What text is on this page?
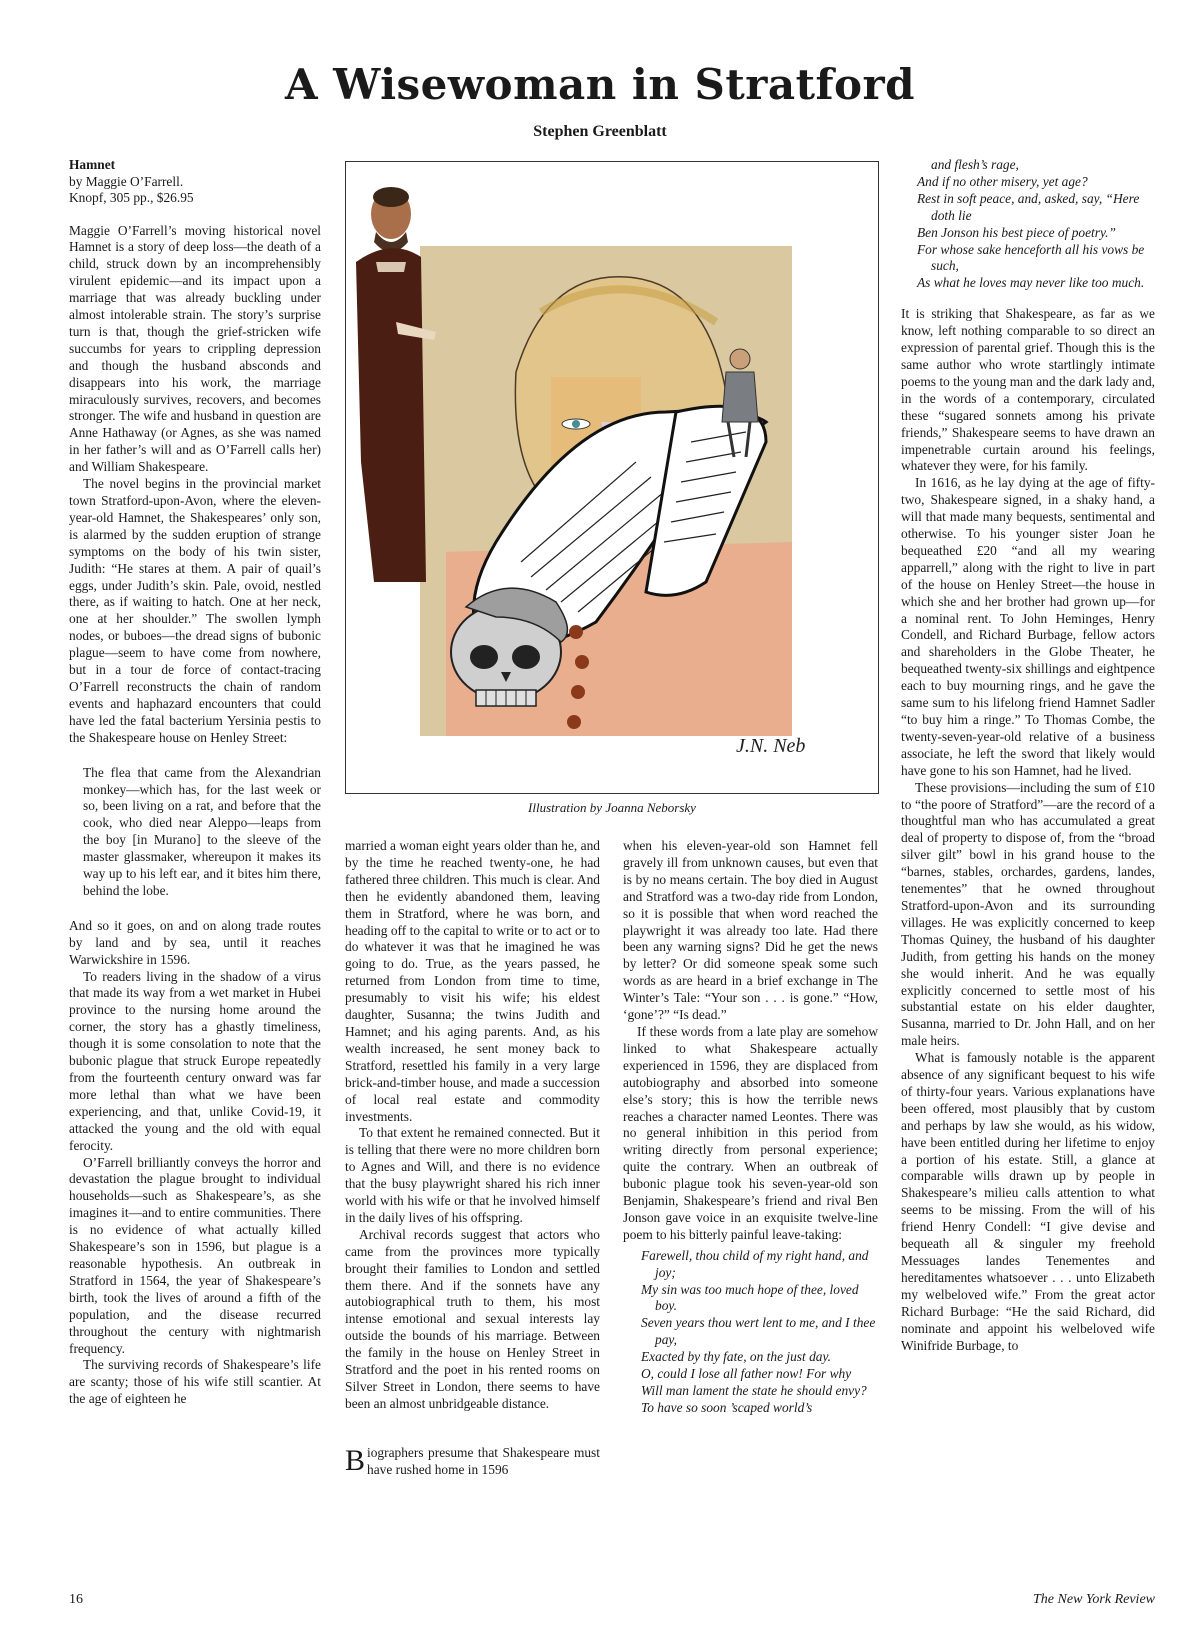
A Wisewoman in Stratford
Stephen Greenblatt
Hamnet
by Maggie O’Farrell.
Knopf, 305 pp., $26.95

Maggie O’Farrell’s moving historical novel Hamnet is a story of deep loss—the death of a child, struck down by an incomprehensibly virulent epidemic—and its impact upon a marriage that was already buckling under almost intolerable strain. The story’s surprise turn is that, though the grief-stricken wife succumbs for years to crippling depression and though the husband absconds and disappears into his work, the marriage miraculously survives, recovers, and becomes stronger. The wife and husband in question are Anne Hathaway (or Agnes, as she was named in her father’s will and as O’Farrell calls her) and William Shakespeare.

The novel begins in the provincial market town Stratford-upon-Avon, where the eleven-year-old Hamnet, the Shakespeares’ only son, is alarmed by the sudden eruption of strange symptoms on the body of his twin sister, Judith: “He stares at them. A pair of quail’s eggs, under Judith’s skin. Pale, ovoid, nestled there, as if waiting to hatch. One at her neck, one at her shoulder.” The swollen lymph nodes, or buboes—the dread signs of bubonic plague—seem to have come from nowhere, but in a tour de force of contact-tracing O’Farrell reconstructs the chain of random events and haphazard encounters that could have led the fatal bacterium Yersinia pestis to the Shakespeare house on Henley Street:

The flea that came from the Alexandrian monkey—which has, for the last week or so, been living on a rat, and before that the cook, who died near Aleppo—leaps from the boy [in Murano] to the sleeve of the master glassmaker, whereupon it makes its way up to his left ear, and it bites him there, behind the lobe.

And so it goes, on and on along trade routes by land and by sea, until it reaches Warwickshire in 1596.

To readers living in the shadow of a virus that made its way from a wet market in Hubei province to the nursing home around the corner, the story has a ghastly timeliness, though it is some consolation to note that the bubonic plague that struck Europe repeatedly from the fourteenth century onward was far more lethal than what we have been experiencing, and that, unlike Covid-19, it attacked the young and the old with equal ferocity.

O’Farrell brilliantly conveys the horror and devastation the plague brought to individual households—such as Shakespeare’s, as she imagines it—and to entire communities. There is no evidence of what actually killed Shakespeare’s son in 1596, but plague is a reasonable hypothesis. An outbreak in Stratford in 1564, the year of Shakespeare’s birth, took the lives of around a fifth of the population, and the disease recurred throughout the century with nightmarish frequency.

The surviving records of Shakespeare’s life are scanty; those of his wife still scantier. At the age of eighteen he

J.N. Neb
Illustration by Joanna Neborsky

married a woman eight years older than he, and by the time he reached twenty-one, he had fathered three children. This much is clear. And then he evidently abandoned them, leaving them in Stratford, where he was born, and heading off to the capital to write or to act or to do whatever it was that he imagined he was going to do. True, as the years passed, he returned from London from time to time, presumably to visit his wife; his eldest daughter, Susanna; the twins Judith and Hamnet; and his aging parents. And, as his wealth increased, he sent money back to Stratford, resettled his family in a very large brick-and-timber house, and made a succession of local real estate and commodity investments.

To that extent he remained connected. But it is telling that there were no more children born to Agnes and Will, and there is no evidence that the busy playwright shared his rich inner world with his wife or that he involved himself in the daily lives of his offspring.

Archival records suggest that actors who came from the provinces more typically brought their families to London and settled them there. And if the sonnets have any autobiographical truth to them, his most intense emotional and sexual interests lay outside the bounds of his marriage. Between the family in the house on Henley Street in Stratford and the poet in his rented rooms on Silver Street in London, there seems to have been an almost unbridgeable distance.

Biographers presume that Shakespeare must have rushed home in 1596

when his eleven-year-old son Hamnet fell gravely ill from unknown causes, but even that is by no means certain. The boy died in August and Stratford was a two-day ride from London, so it is possible that when word reached the playwright it was already too late. Had there been any warning signs? Did he get the news by letter? Or did someone speak some such words as are heard in a brief exchange in The Winter’s Tale: “Your son . . . is gone.” “How, ‘gone’?” “Is dead.”

If these words from a late play are somehow linked to what Shakespeare actually experienced in 1596, they are displaced from autobiography and absorbed into someone else’s story; this is how the terrible news reaches a character named Leontes. There was no general inhibition in this period from writing directly from personal experience; quite the contrary. When an outbreak of bubonic plague took his seven-year-old son Benjamin, Shakespeare’s friend and rival Ben Jonson gave voice in an exquisite twelve-line poem to his bitterly painful leave-taking:

Farewell, thou child of my right hand, and joy;
My sin was too much hope of thee, loved boy.
Seven years thou wert lent to me, and I thee pay,
Exacted by thy fate, on the just day.
O, could I lose all father now! For why
Will man lament the state he should envy?
To have so soon ’scaped world’s
and flesh’s rage,
And if no other misery, yet age?
Rest in soft peace, and, asked, say, “Here doth lie
Ben Jonson his best piece of poetry.”
For whose sake henceforth all his vows be such,
As what he loves may never like too much.

It is striking that Shakespeare, as far as we know, left nothing comparable to so direct an expression of parental grief. Though this is the same author who wrote startlingly intimate poems to the young man and the dark lady and, in the words of a contemporary, circulated these “sugared sonnets among his private friends,” Shakespeare seems to have drawn an impenetrable curtain around his feelings, whatever they were, for his family.

In 1616, as he lay dying at the age of fifty-two, Shakespeare signed, in a shaky hand, a will that made many bequests, sentimental and otherwise. To his younger sister Joan he bequeathed £20 “and all my wearing apparrell,” along with the right to live in part of the house on Henley Street—the house in which she and her brother had grown up—for a nominal rent. To John Heminges, Henry Condell, and Richard Burbage, fellow actors and shareholders in the Globe Theater, he bequeathed twenty-six shillings and eightpence each to buy mourning rings, and he gave the same sum to his lifelong friend Hamnet Sadler “to buy him a ringe.” To Thomas Combe, the twenty-seven-year-old relative of a business associate, he left the sword that likely would have gone to his son Hamnet, had he lived.

These provisions—including the sum of £10 to “the poore of Stratford”—are the record of a thoughtful man who has accumulated a great deal of property to dispose of, from the “broad silver gilt” bowl in his grand house to the “barnes, stables, orchardes, gardens, landes, tenementes” that he owned throughout Stratford-upon-Avon and its surrounding villages. He was explicitly concerned to keep Thomas Quiney, the husband of his daughter Judith, from getting his hands on the money she would inherit. And he was equally explicitly concerned to settle most of his substantial estate on his elder daughter, Susanna, married to Dr. John Hall, and on her male heirs.

What is famously notable is the apparent absence of any significant bequest to his wife of thirty-four years. Various explanations have been offered, most plausibly that by custom and perhaps by law she would, as his widow, have been entitled during her lifetime to enjoy a portion of his estate. Still, a glance at comparable wills drawn up by people in Shakespeare’s milieu calls attention to what seems to be missing. From the will of his friend Henry Condell: “I give devise and bequeath all & singuler my freehold Messuages landes Tenementes and hereditamentes whatsoever . . . unto Elizabeth my welbeloved wife.” From the great actor Richard Burbage: “He the said Richard, did nominate and appoint his welbeloved wife Winifride Burbage, to

16	The New York Review
